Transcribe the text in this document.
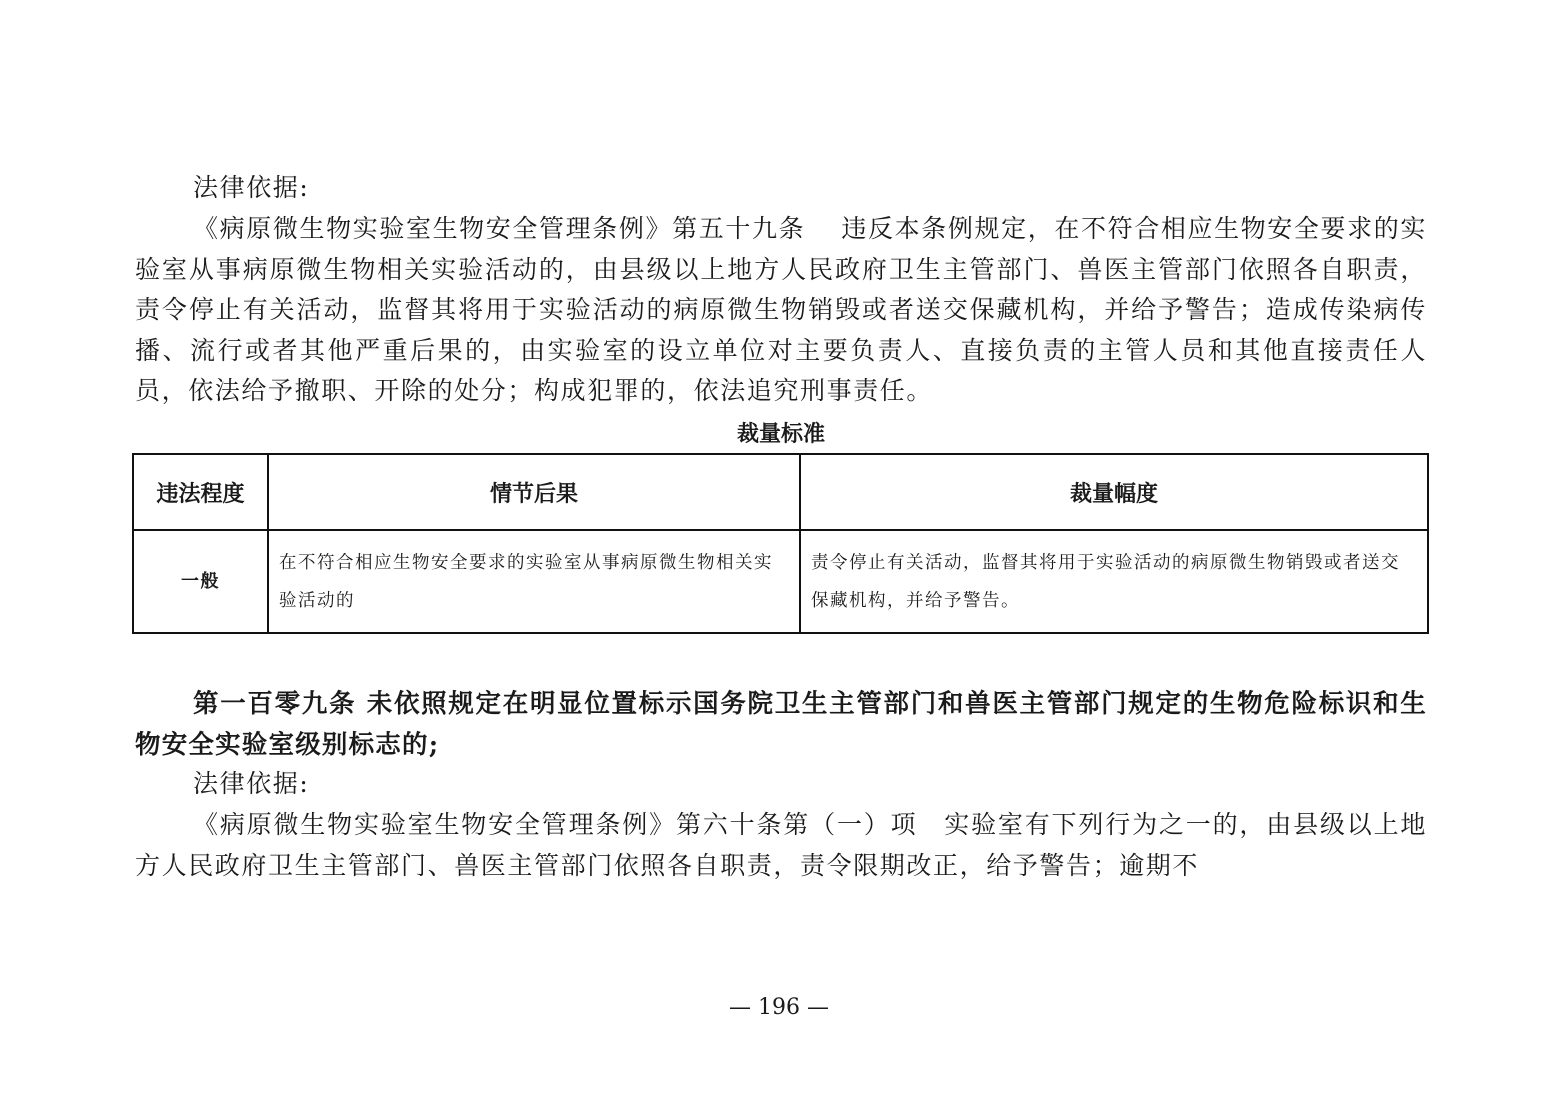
法律依据:

《病原微生物实验室生物安全管理条例》第五十九条　 违反本条例规定，在不符合相应生物安全要求的实验室从事病原微生物相关实验活动的，由县级以上地方人民政府卫生主管部门、兽医主管部门依照各自职责，责令停止有关活动，监督其将用于实验活动的病原微生物销毁或者送交保藏机构，并给予警告；造成传染病传播、流行或者其他严重后果的，由实验室的设立单位对主要负责人、直接负责的主管人员和其他直接责任人员，依法给予撤职、开除的处分；构成犯罪的，依法追究刑事责任。

裁量标准
违法程度	情节后果	裁量幅度
一般	在不符合相应生物安全要求的实验室从事病原微生物相关实验活动的	责令停止有关活动，监督其将用于实验活动的病原微生物销毁或者送交保藏机构，并给予警告。

第一百零九条 未依照规定在明显位置标示国务院卫生主管部门和兽医主管部门规定的生物危险标识和生物安全实验室级别标志的;

法律依据:

《病原微生物实验室生物安全管理条例》第六十条第（一）项　实验室有下列行为之一的，由县级以上地方人民政府卫生主管部门、兽医主管部门依照各自职责，责令限期改正，给予警告；逾期不

— 196 —
